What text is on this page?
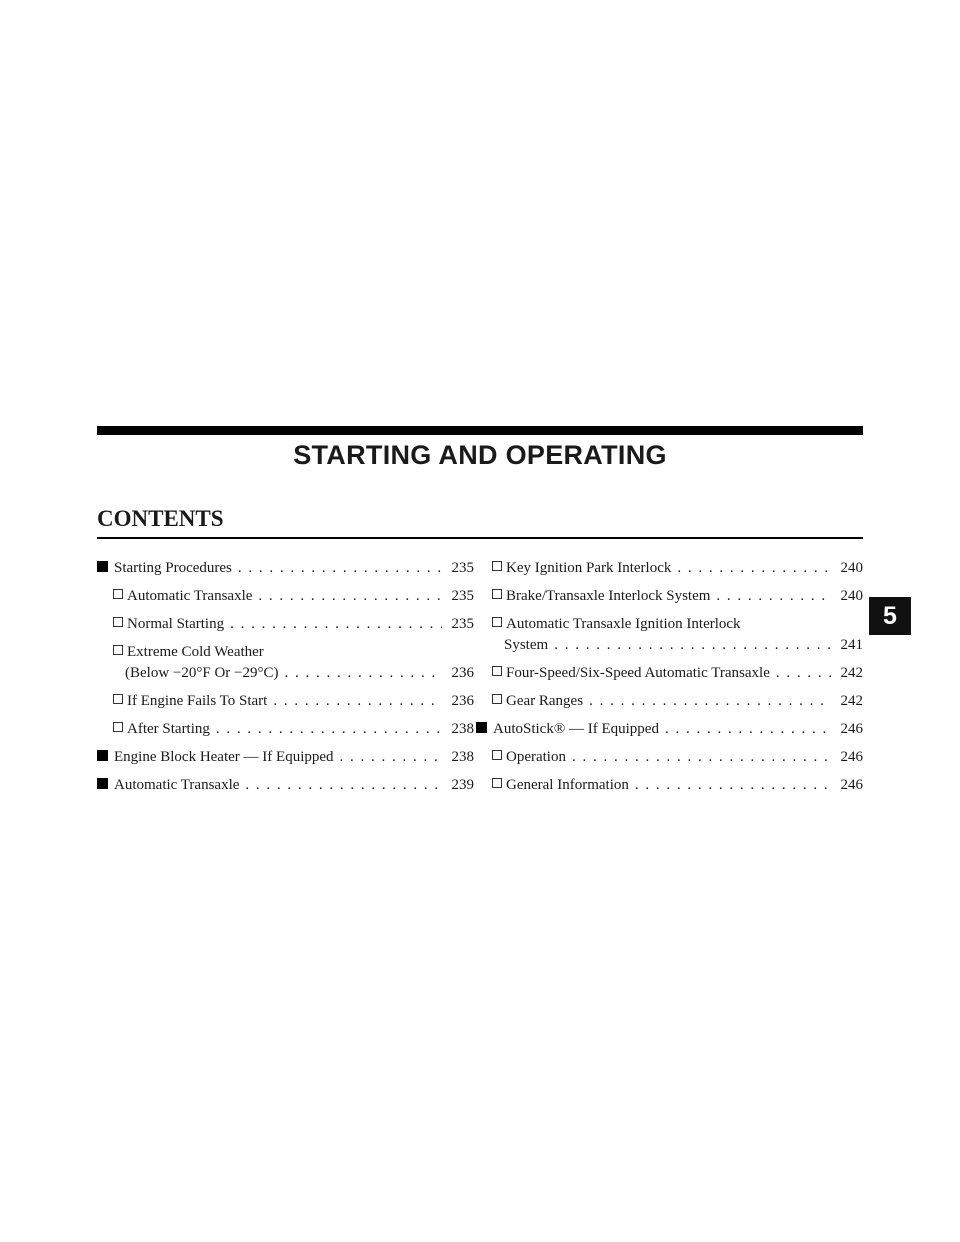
STARTING AND OPERATING
CONTENTS
Starting Procedures . . .	235
Automatic Transaxle . . .	235
Normal Starting . . .	235
Extreme Cold Weather
(Below −20°F Or −29°C) . . .	236
If Engine Fails To Start . . .	236
After Starting . . .	238
Engine Block Heater — If Equipped . . .	238
Automatic Transaxle . . .	239
Key Ignition Park Interlock . . .	240
Brake/Transaxle Interlock System . . .	240
Automatic Transaxle Ignition Interlock
System . . .	241
Four-Speed/Six-Speed Automatic Transaxle . . .	242
Gear Ranges . . .	242
AutoStick® — If Equipped . . .	246
Operation . . .	246
General Information . . .	246
5
